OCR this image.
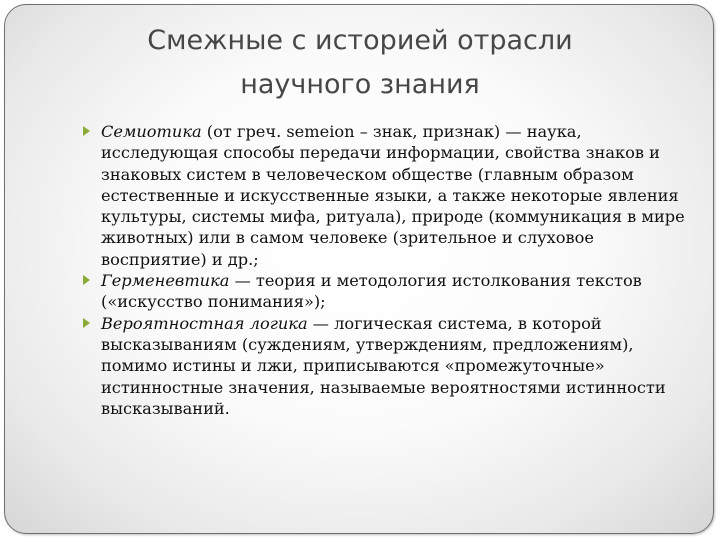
Смежные с историей отрасли
научного знания
Семиотика (от греч. semeion – знак, признак) — наука, исследующая способы передачи информации, свойства знаков и знаковых систем в человеческом обществе (главным образом естественные и искусственные языки, а также некоторые явления культуры, системы мифа, ритуала), природе (коммуникация в мире животных) или в самом человеке (зрительное и слуховое восприятие) и др.;
Герменевтика — теория и методология истолкования текстов («искусство понимания»);
Вероятностная логика — логическая система, в которой высказываниям (суждениям, утверждениям, предложениям), помимо истины и лжи, приписываются «промежуточные» истинностные значения, называемые вероятностями истинности высказываний.
